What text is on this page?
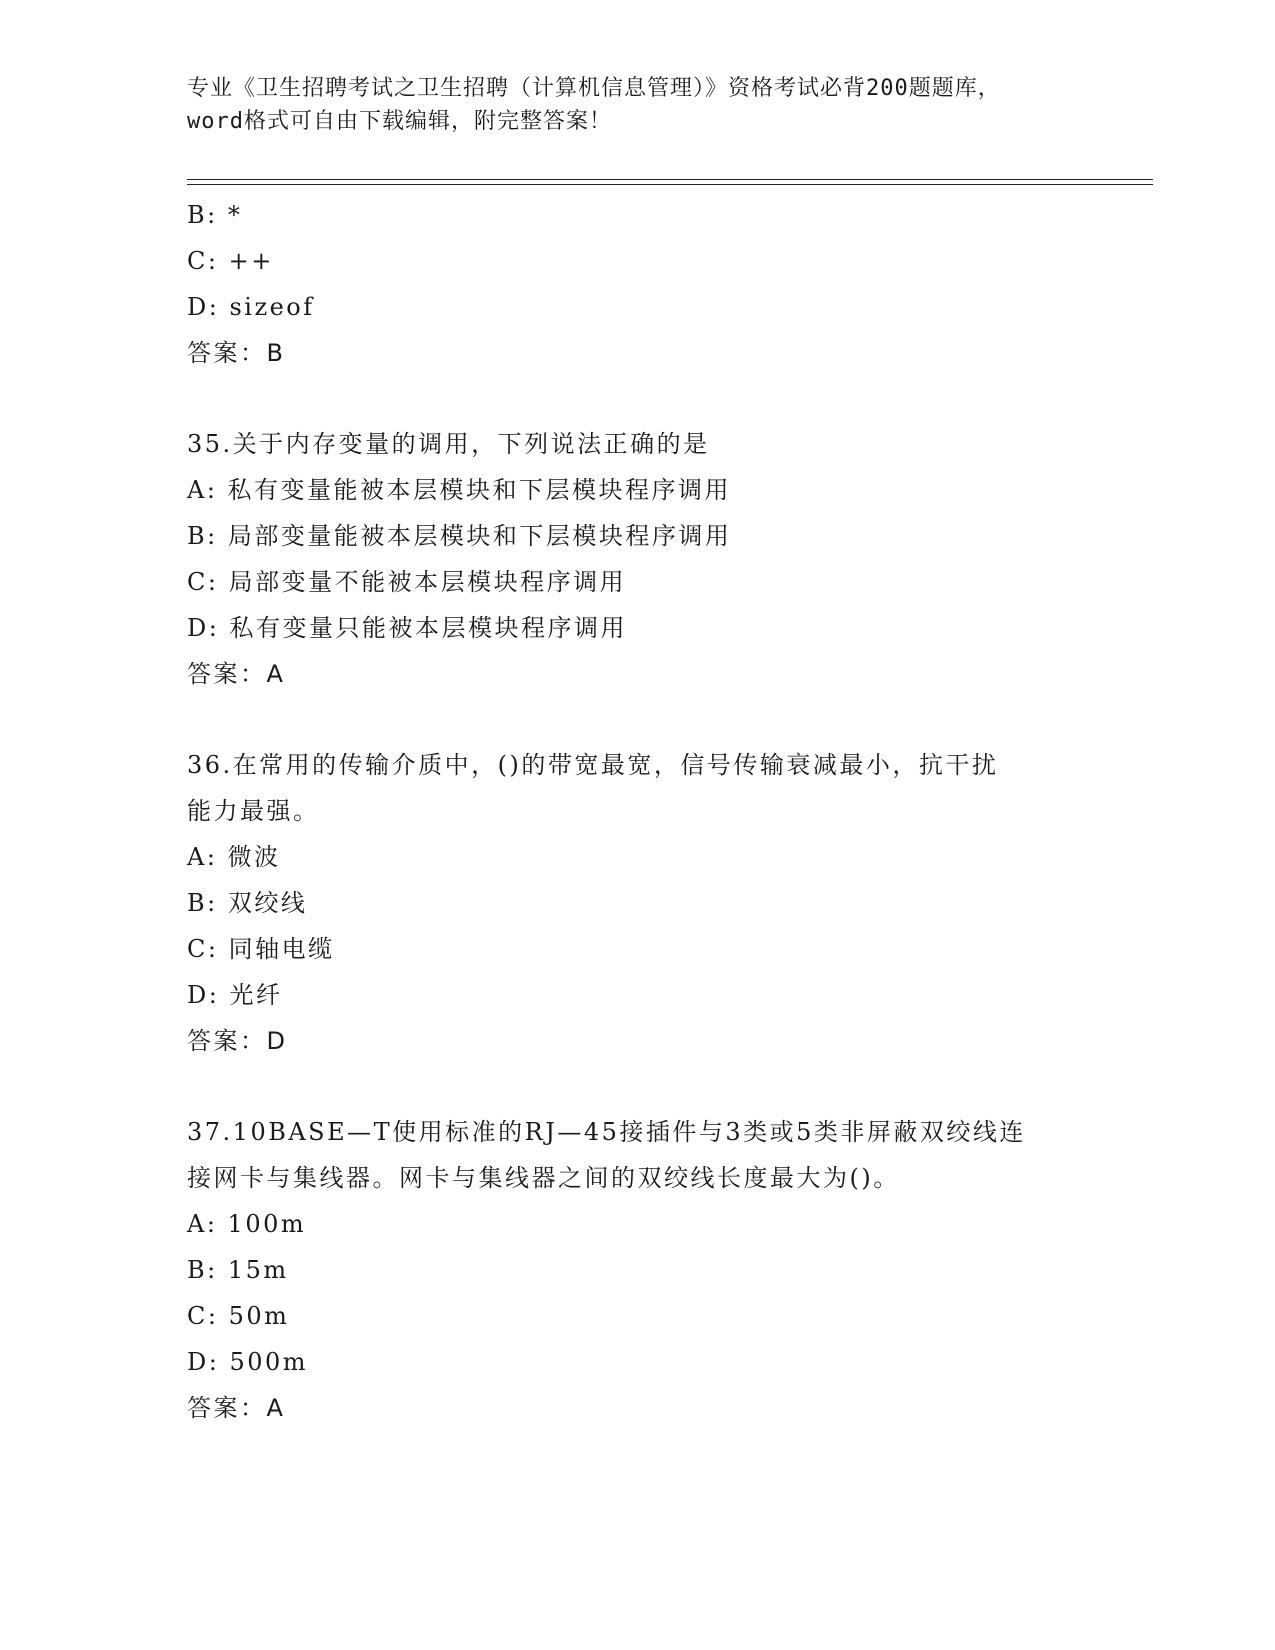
专业《卫生招聘考试之卫生招聘（计算机信息管理）》资格考试必背200题题库，
word格式可自由下载编辑，附完整答案！
B: *
C: ++
D: sizeof
答案：B
35.关于内存变量的调用，下列说法正确的是
A: 私有变量能被本层模块和下层模块程序调用
B: 局部变量能被本层模块和下层模块程序调用
C: 局部变量不能被本层模块程序调用
D: 私有变量只能被本层模块程序调用
答案：A
36.在常用的传输介质中，()的带宽最宽，信号传输衰减最小，抗干扰
能力最强。
A: 微波
B: 双绞线
C: 同轴电缆
D: 光纤
答案：D
37.10BASE—T使用标准的RJ—45接插件与3类或5类非屏蔽双绞线连
接网卡与集线器。网卡与集线器之间的双绞线长度最大为()。
A: 100m
B: 15m
C: 50m
D: 500m
答案：A
